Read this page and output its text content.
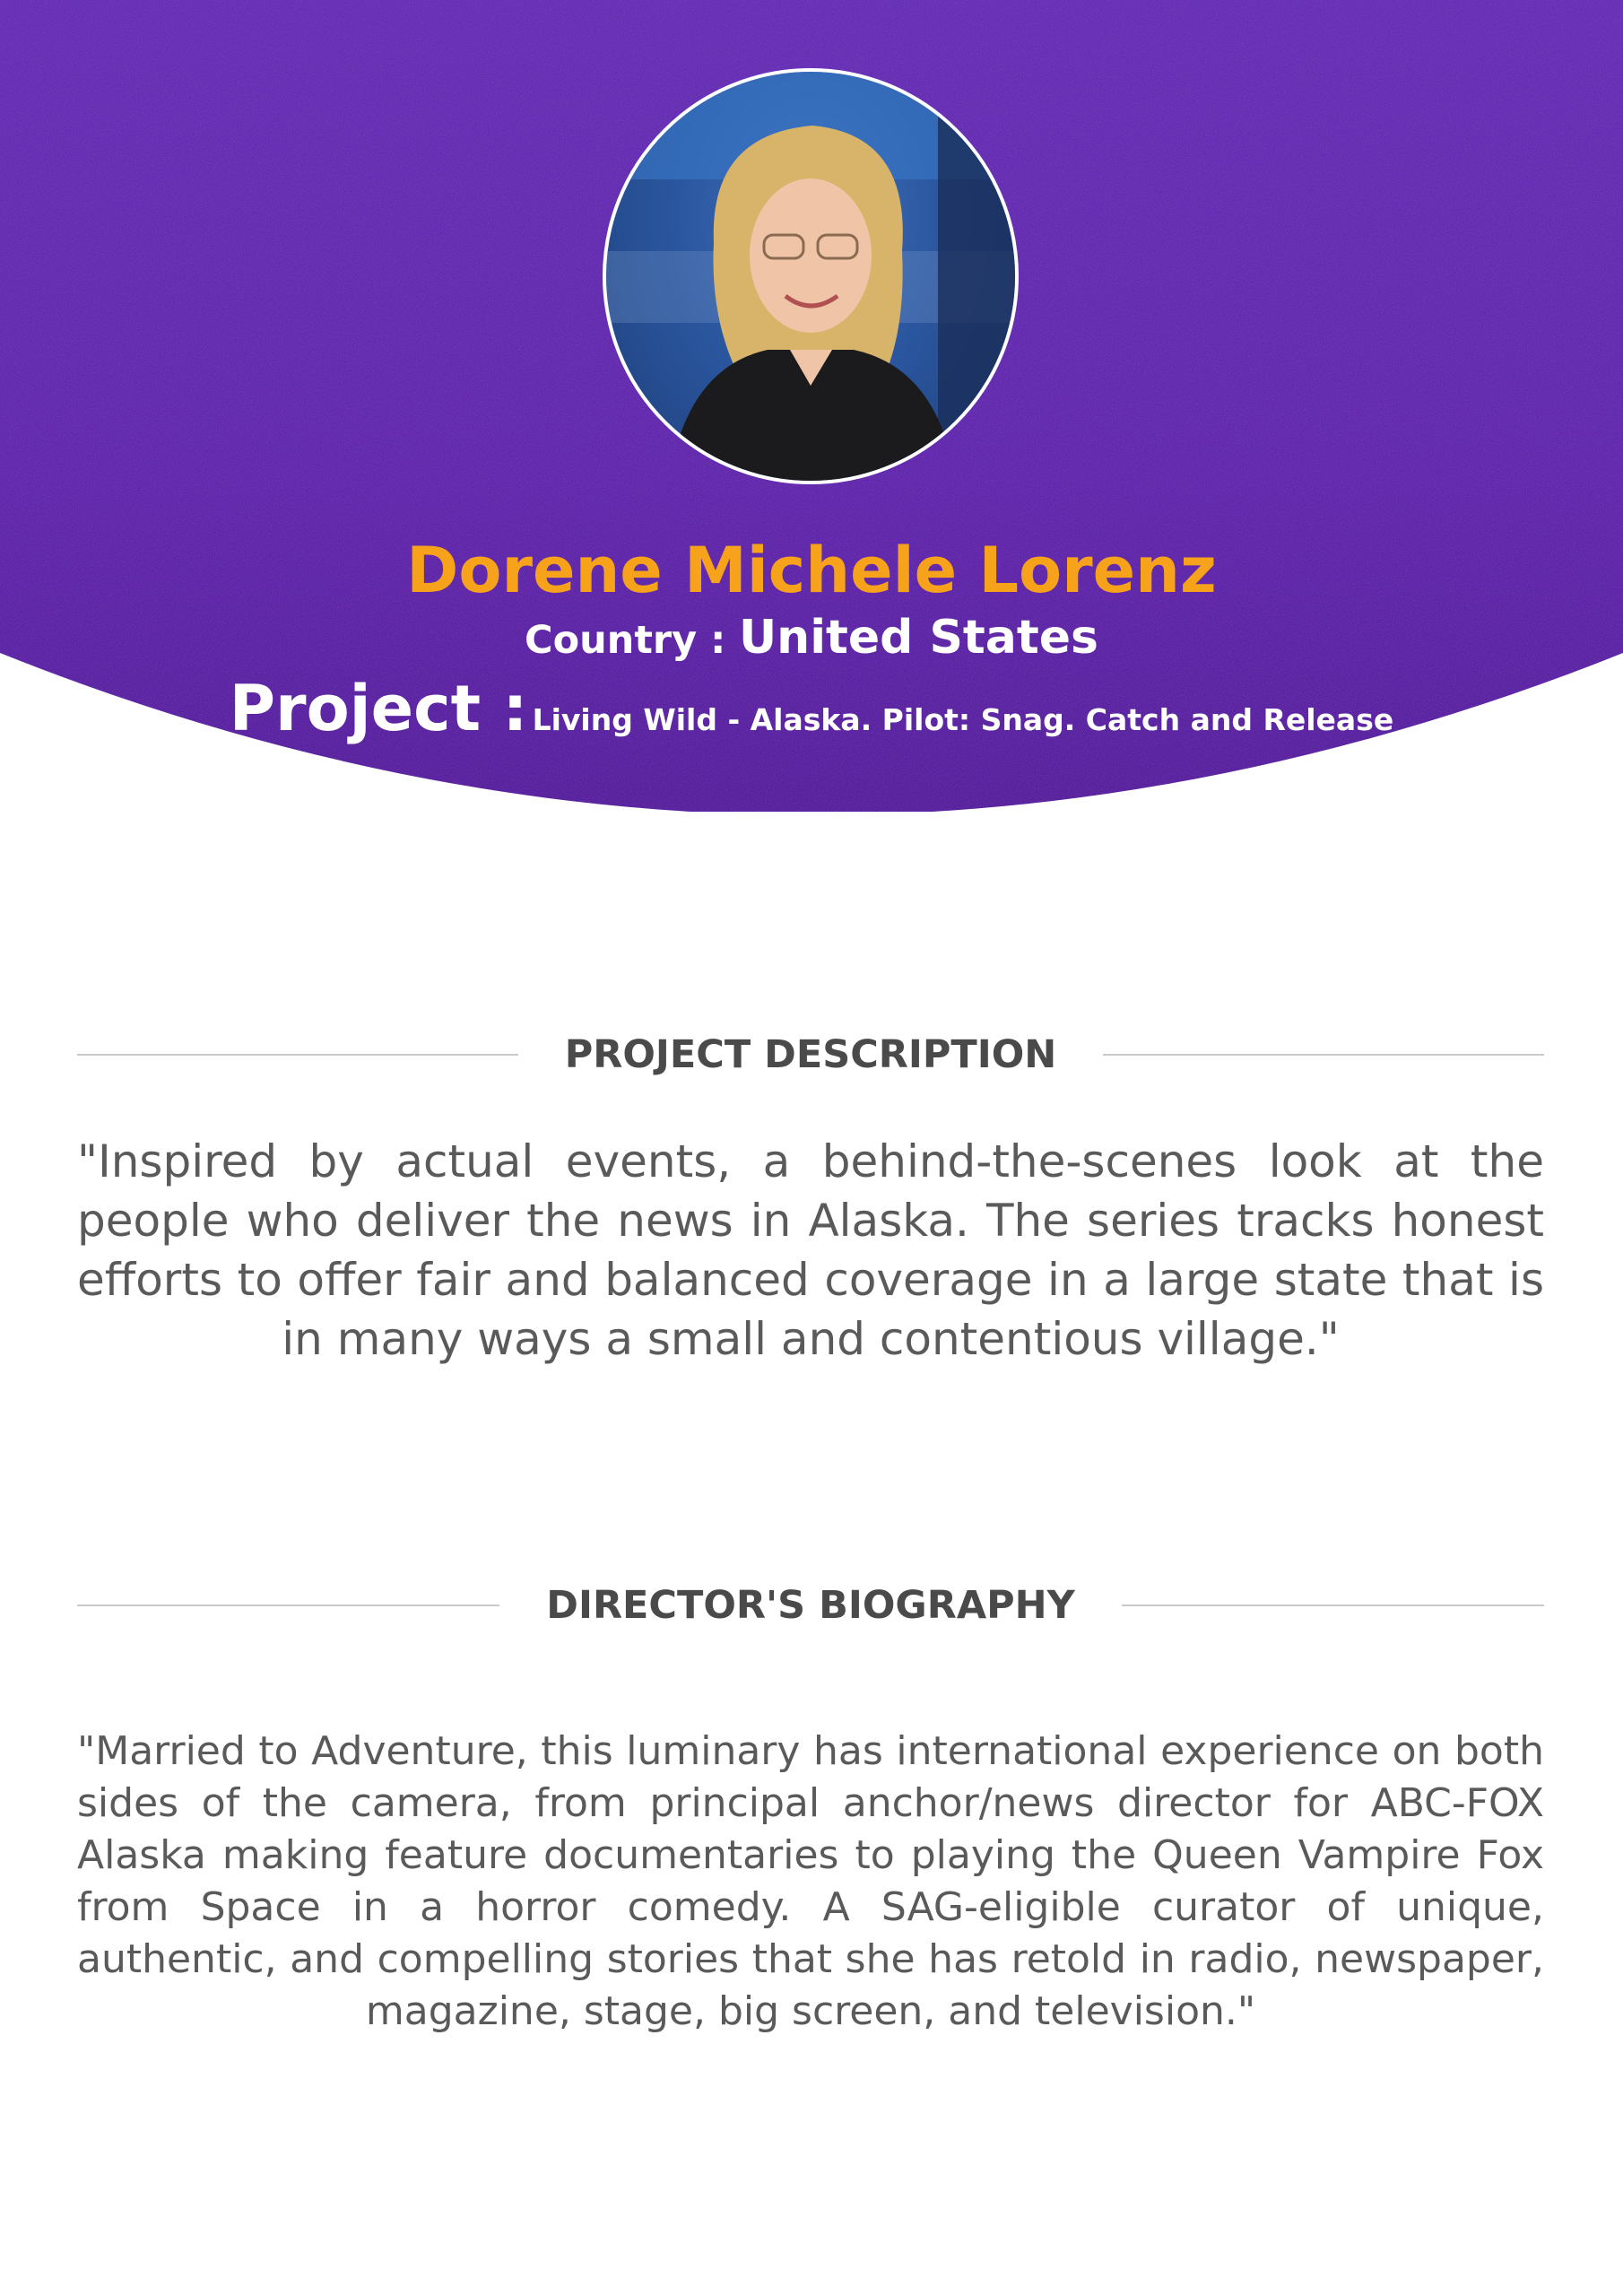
Dorene Michele Lorenz
Country : United States
Project : Living Wild - Alaska. Pilot: Snag. Catch and Release
PROJECT DESCRIPTION
"Inspired by actual events, a behind-the-scenes look at the people who deliver the news in Alaska. The series tracks honest efforts to offer fair and balanced coverage in a large state that is in many ways a small and contentious village."
DIRECTOR'S BIOGRAPHY
"Married to Adventure, this luminary has international experience on both sides of the camera, from principal anchor/news director for ABC-FOX Alaska making feature documentaries to playing the Queen Vampire Fox from Space in a horror comedy. A SAG-eligible curator of unique, authentic, and compelling stories that she has retold in radio, newspaper, magazine, stage, big screen, and television."
